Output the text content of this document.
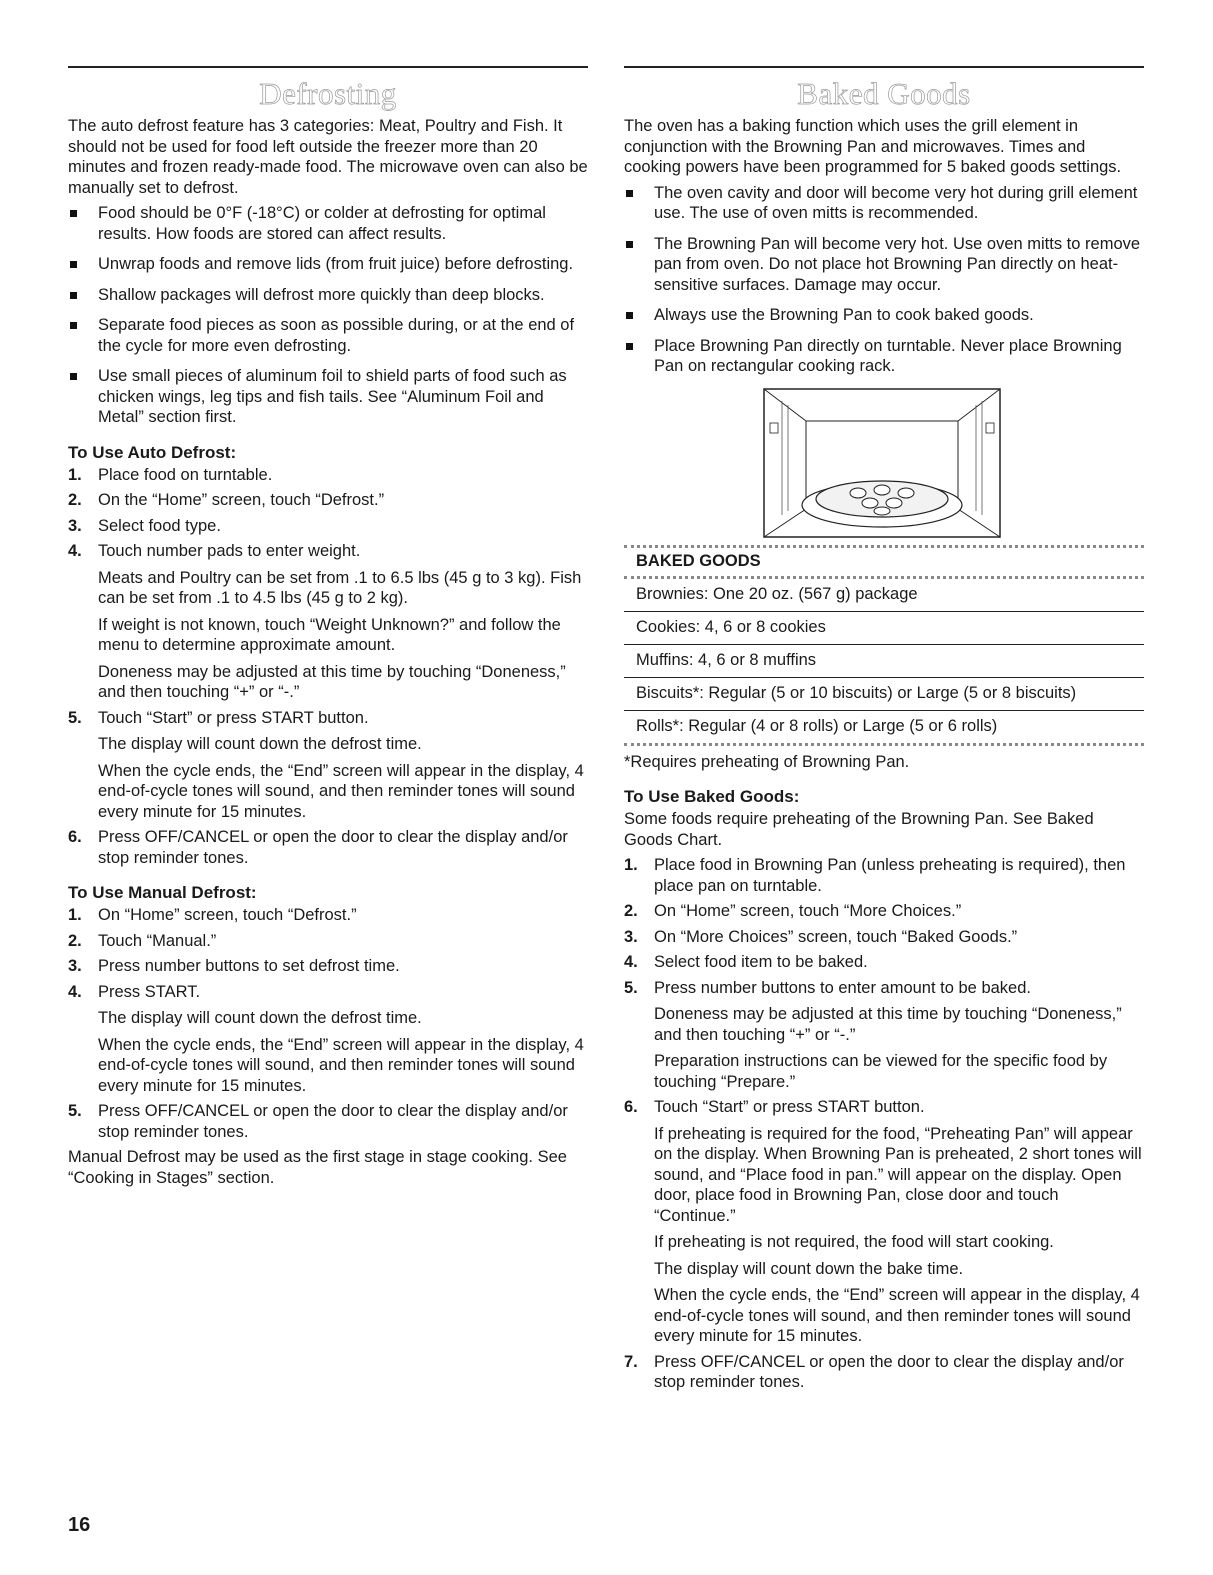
Defrosting

The auto defrost feature has 3 categories: Meat, Poultry and Fish. It should not be used for food left outside the freezer more than 20 minutes and frozen ready-made food. The microwave oven can also be manually set to defrost.

Food should be 0°F (-18°C) or colder at defrosting for optimal results. How foods are stored can affect results.
Unwrap foods and remove lids (from fruit juice) before defrosting.
Shallow packages will defrost more quickly than deep blocks.
Separate food pieces as soon as possible during, or at the end of the cycle for more even defrosting.
Use small pieces of aluminum foil to shield parts of food such as chicken wings, leg tips and fish tails. See “Aluminum Foil and Metal” section first.
To Use Auto Defrost:
1. Place food on turntable.
2. On the “Home” screen, touch “Defrost.”
3. Select food type.
4. Touch number pads to enter weight.

Meats and Poultry can be set from .1 to 6.5 lbs (45 g to 3 kg). Fish can be set from .1 to 4.5 lbs (45 g to 2 kg).

If weight is not known, touch “Weight Unknown?” and follow the menu to determine approximate amount.

Doneness may be adjusted at this time by touching “Doneness,” and then touching “+” or “-.”

5. Touch “Start” or press START button.

The display will count down the defrost time.

When the cycle ends, the “End” screen will appear in the display, 4 end-of-cycle tones will sound, and then reminder tones will sound every minute for 15 minutes.

6. Press OFF/CANCEL or open the door to clear the display and/or stop reminder tones.
To Use Manual Defrost:
1. On “Home” screen, touch “Defrost.”
2. Touch “Manual.”
3. Press number buttons to set defrost time.
4. Press START.

The display will count down the defrost time.

When the cycle ends, the “End” screen will appear in the display, 4 end-of-cycle tones will sound, and then reminder tones will sound every minute for 15 minutes.

5. Press OFF/CANCEL or open the door to clear the display and/or stop reminder tones.

Manual Defrost may be used as the first stage in stage cooking. See “Cooking in Stages” section.

Baked Goods

The oven has a baking function which uses the grill element in conjunction with the Browning Pan and microwaves. Times and cooking powers have been programmed for 5 baked goods settings.

The oven cavity and door will become very hot during grill element use. The use of oven mitts is recommended.
The Browning Pan will become very hot. Use oven mitts to remove pan from oven. Do not place hot Browning Pan directly on heat-sensitive surfaces. Damage may occur.
Always use the Browning Pan to cook baked goods.
Place Browning Pan directly on turntable. Never place Browning Pan on rectangular cooking rack.
BAKED GOODS
Brownies: One 20 oz. (567 g) package
Cookies: 4, 6 or 8 cookies
Muffins: 4, 6 or 8 muffins
Biscuits*: Regular (5 or 10 biscuits) or Large (5 or 8 biscuits)
Rolls*: Regular (4 or 8 rolls) or Large (5 or 6 rolls)

*Requires preheating of Browning Pan.

To Use Baked Goods:

Some foods require preheating of the Browning Pan. See Baked Goods Chart.

1. Place food in Browning Pan (unless preheating is required), then place pan on turntable.
2. On “Home” screen, touch “More Choices.”
3. On “More Choices” screen, touch “Baked Goods.”
4. Select food item to be baked.
5. Press number buttons to enter amount to be baked.

Doneness may be adjusted at this time by touching “Doneness,” and then touching “+” or “-.”

Preparation instructions can be viewed for the specific food by touching “Prepare.”

6. Touch “Start” or press START button.

If preheating is required for the food, “Preheating Pan” will appear on the display. When Browning Pan is preheated, 2 short tones will sound, and “Place food in pan.” will appear on the display. Open door, place food in Browning Pan, close door and touch “Continue.”

If preheating is not required, the food will start cooking.

The display will count down the bake time.

When the cycle ends, the “End” screen will appear in the display, 4 end-of-cycle tones will sound, and then reminder tones will sound every minute for 15 minutes.

7. Press OFF/CANCEL or open the door to clear the display and/or stop reminder tones.
16
